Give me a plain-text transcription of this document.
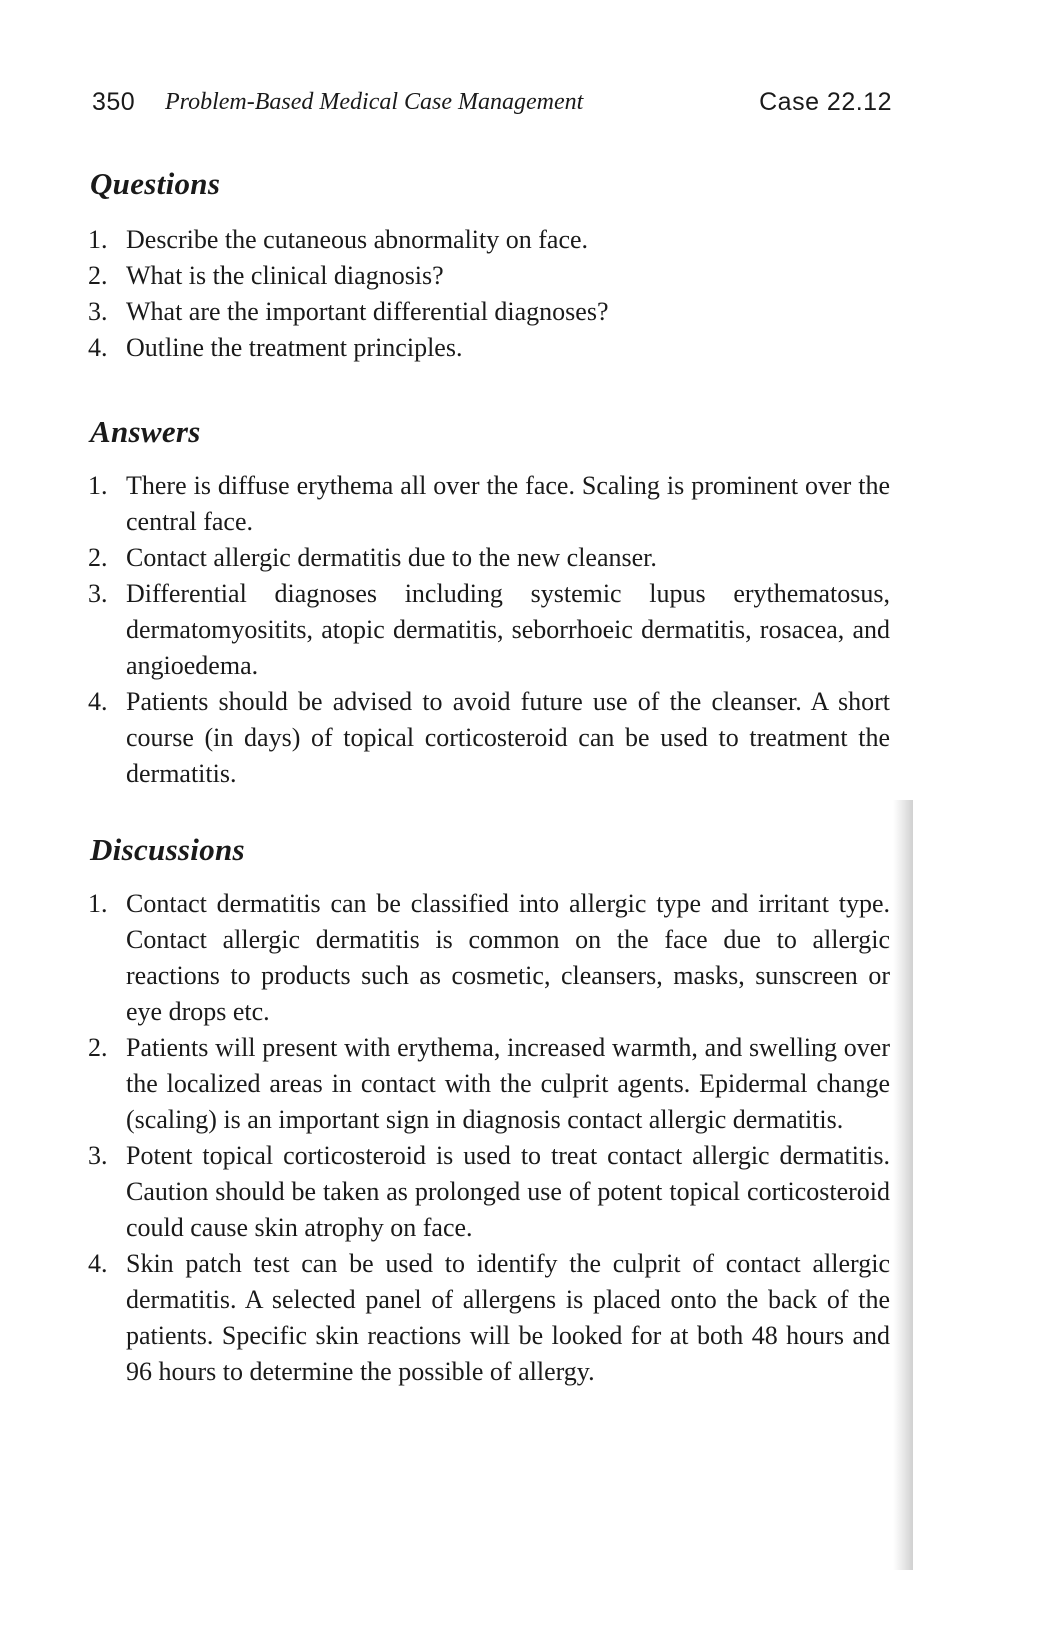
350 Problem-Based Medical Case Management	Case 22.12
Questions
1. Describe the cutaneous abnormality on face.
2. What is the clinical diagnosis?
3. What are the important differential diagnoses?
4. Outline the treatment principles.
Answers
1. There is diffuse erythema all over the face. Scaling is prominent over the central face.
2. Contact allergic dermatitis due to the new cleanser.
3. Differential diagnoses including systemic lupus erythematosus, dermatomyositits, atopic dermatitis, seborrhoeic dermatitis, rosacea, and angioedema.
4. Patients should be advised to avoid future use of the cleanser. A short course (in days) of topical corticosteroid can be used to treatment the dermatitis.
Discussions
1. Contact dermatitis can be classified into allergic type and irritant type. Contact allergic dermatitis is common on the face due to allergic reactions to products such as cosmetic, cleansers, masks, sunscreen or eye drops etc.
2. Patients will present with erythema, increased warmth, and swelling over the localized areas in contact with the culprit agents. Epidermal change (scaling) is an important sign in diagnosis contact allergic dermatitis.
3. Potent topical corticosteroid is used to treat contact allergic dermatitis. Caution should be taken as prolonged use of potent topical corticosteroid could cause skin atrophy on face.
4. Skin patch test can be used to identify the culprit of contact allergic dermatitis. A selected panel of allergens is placed onto the back of the patients. Specific skin reactions will be looked for at both 48 hours and 96 hours to determine the possible of allergy.
